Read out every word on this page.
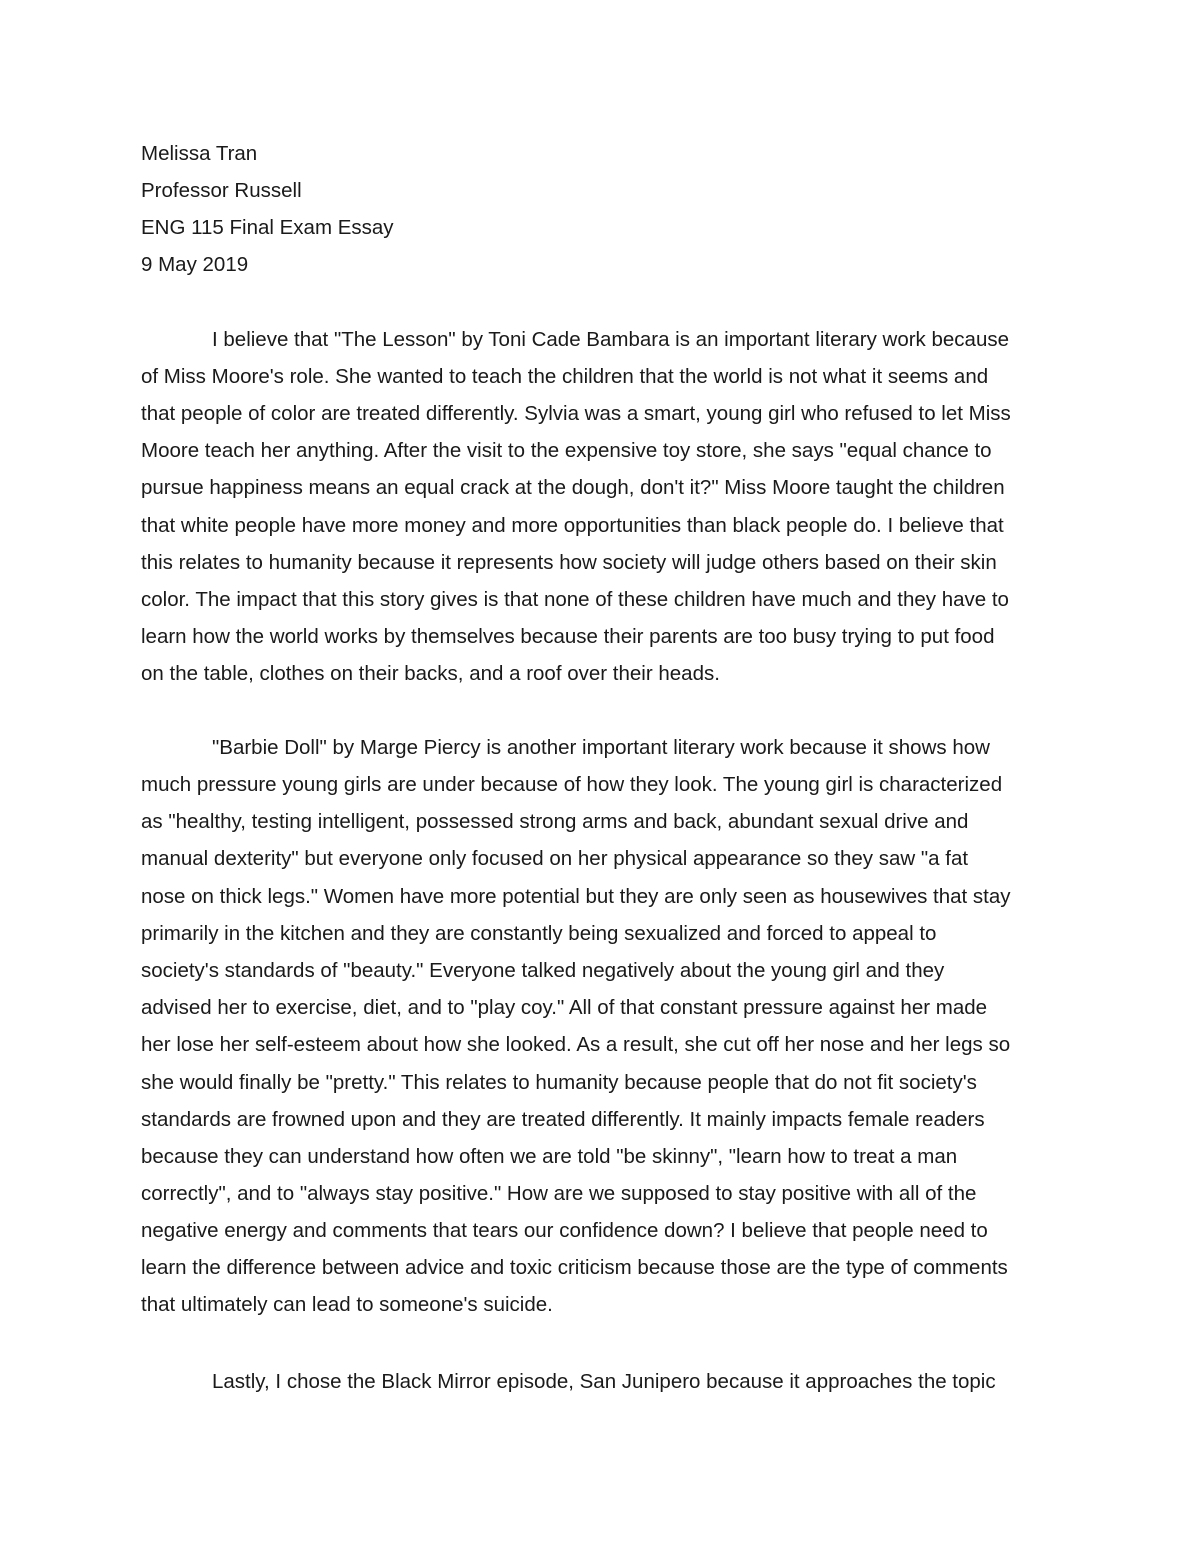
Melissa Tran

Professor Russell

ENG 115 Final Exam Essay

9 May 2019

I believe that "The Lesson" by Toni Cade Bambara is an important literary work because

of Miss Moore's role. She wanted to teach the children that the world is not what it seems and

that people of color are treated differently. Sylvia was a smart, young girl who refused to let Miss

Moore teach her anything. After the visit to the expensive toy store, she says "equal chance to

pursue happiness means an equal crack at the dough, don't it?" Miss Moore taught the children

that white people have more money and more opportunities than black people do. I believe that

this relates to humanity because it represents how society will judge others based on their skin

color. The impact that this story gives is that none of these children have much and they have to

learn how the world works by themselves because their parents are too busy trying to put food

on the table, clothes on their backs, and a roof over their heads.

"Barbie Doll" by Marge Piercy is another important literary work because it shows how

much pressure young girls are under because of how they look. The young girl is characterized

as "healthy, testing intelligent, possessed strong arms and back, abundant sexual drive and

manual dexterity" but everyone only focused on her physical appearance so they saw "a fat

nose on thick legs." Women have more potential but they are only seen as housewives that stay

primarily in the kitchen and they are constantly being sexualized and forced to appeal to

society's standards of "beauty." Everyone talked negatively about the young girl and they

advised her to exercise, diet, and to "play coy." All of that constant pressure against her made

her lose her self-esteem about how she looked. As a result, she cut off her nose and her legs so

she would finally be "pretty." This relates to humanity because people that do not fit society's

standards are frowned upon and they are treated differently. It mainly impacts female readers

because they can understand how often we are told "be skinny", "learn how to treat a man

correctly", and to "always stay positive." How are we supposed to stay positive with all of the

negative energy and comments that tears our confidence down? I believe that people need to

learn the difference between advice and toxic criticism because those are the type of comments

that ultimately can lead to someone's suicide.

Lastly, I chose the Black Mirror episode, San Junipero because it approaches the topic
